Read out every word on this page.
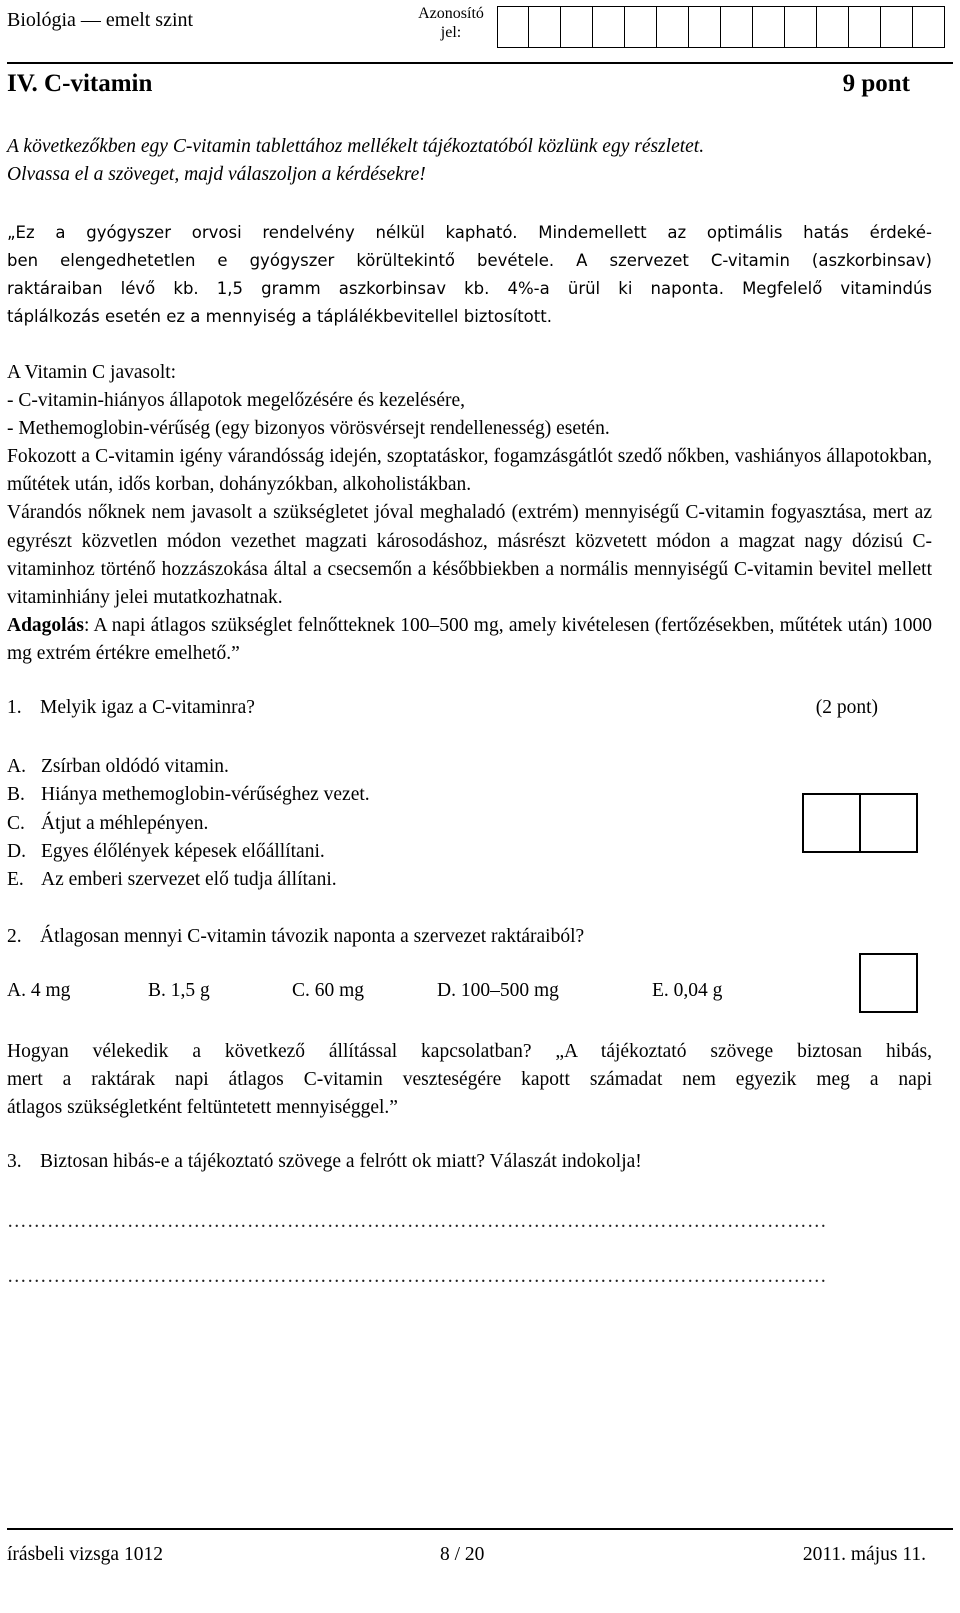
Biológia — emelt szint	Azonosító jel:
IV. C-vitamin	9 pont
A következőkben egy C-vitamin tablettához mellékelt tájékoztatóból közlünk egy részletet.
Olvassa el a szöveget, majd válaszoljon a kérdésekre!

„Ez a gyógyszer orvosi rendelvény nélkül kapható. Mindemellett az optimális hatás érdeké-

ben elengedhetetlen e gyógyszer körültekintő bevétele. A szervezet C-vitamin (aszkorbinsav)

raktáraiban lévő kb. 1,5 gramm aszkorbinsav kb. 4%-a ürül ki naponta. Megfelelő vitamindús

táplálkozás esetén ez a mennyiség a táplálékbevitellel biztosított.

A Vitamin C javasolt:
- C-vitamin-hiányos állapotok megelőzésére és kezelésére,
- Methemoglobin-vérűség (egy bizonyos vörösvérsejt rendellenesség) esetén.

Fokozott a C-vitamin igény várandósság idején, szoptatáskor, fogamzásgátlót szedő nőkben, vashiányos állapotokban, műtétek után, idős korban, dohányzókban, alkoholistákban.

Várandós nőknek nem javasolt a szükségletet jóval meghaladó (extrém) mennyiségű C-vitamin fogyasztása, mert az egyrészt közvetlen módon vezethet magzati károsodáshoz, másrészt közvetett módon a magzat nagy dózisú C-vitaminhoz történő hozzászokása által a csecsemőn a későbbiekben a normális mennyiségű C-vitamin bevitel mellett vitaminhiány jelei mutatkozhatnak.

Adagolás: A napi átlagos szükséglet felnőtteknek 100–500 mg, amely kivételesen (fertőzésekben, műtétek után) 1000 mg extrém értékre emelhető.”

1. Melyik igaz a C-vitaminra?	(2 pont)
A. Zsírban oldódó vitamin.
B. Hiánya methemoglobin-vérűséghez vezet.
C. Átjut a méhlepényen.
D. Egyes élőlények képesek előállítani.
E. Az emberi szervezet elő tudja állítani.
2. Átlagosan mennyi C-vitamin távozik naponta a szervezet raktáraiból?
A. 4 mg	B. 1,5 g	C. 60 mg	D. 100–500 mg	E. 0,04 g

Hogyan vélekedik a következő állítással kapcsolatban? „A tájékoztató szövege biztosan hibás,

mert a raktárak napi átlagos C-vitamin veszteségére kapott számadat nem egyezik meg a napi

átlagos szükségletként feltüntetett mennyiséggel.”

3. Biztosan hibás-e a tájékoztató szövege a felrótt ok miatt? Válaszát indokolja!
……………………………………………………………………………………………………………
……………………………………………………………………………………………………………
írásbeli vizsga 1012	8 / 20	2011. május 11.
